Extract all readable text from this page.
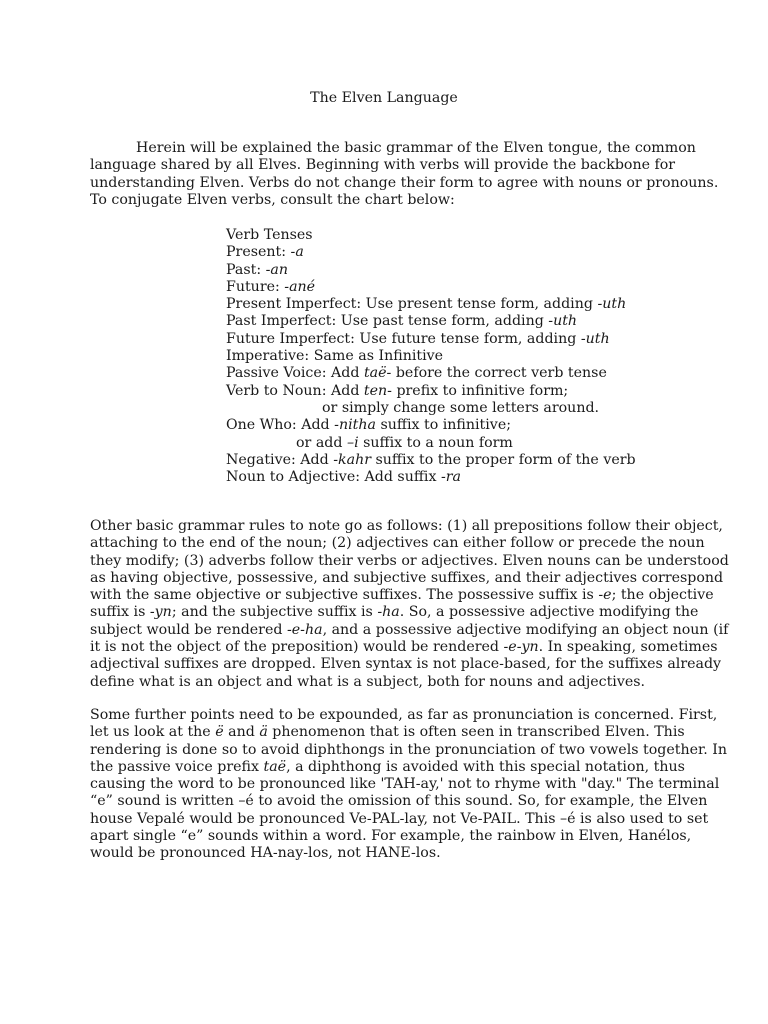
The Elven Language

Herein will be explained the basic grammar of the Elven tongue, the common language shared by all Elves. Beginning with verbs will provide the backbone for understanding Elven. Verbs do not change their form to agree with nouns or pronouns. To conjugate Elven verbs, consult the chart below:

Verb Tenses
Present: -a
Past: -an
Future: -ané
Present Imperfect: Use present tense form, adding -uth
Past Imperfect: Use past tense form, adding -uth
Future Imperfect: Use future tense form, adding -uth
Imperative: Same as Infinitive
Passive Voice: Add taë- before the correct verb tense
Verb to Noun: Add ten- prefix to infinitive form;
or simply change some letters around.
One Who: Add -nitha suffix to infinitive;
or add –i suffix to a noun form
Negative: Add -kahr suffix to the proper form of the verb
Noun to Adjective: Add suffix -ra

Other basic grammar rules to note go as follows: (1) all prepositions follow their object, attaching to the end of the noun; (2) adjectives can either follow or precede the noun they modify; (3) adverbs follow their verbs or adjectives. Elven nouns can be understood as having objective, possessive, and subjective suffixes, and their adjectives correspond with the same objective or subjective suffixes. The possessive suffix is -e; the objective suffix is -yn; and the subjective suffix is -ha. So, a possessive adjective modifying the subject would be rendered -e-ha, and a possessive adjective modifying an object noun (if it is not the object of the preposition) would be rendered -e-yn. In speaking, sometimes adjectival suffixes are dropped. Elven syntax is not place-based, for the suffixes already define what is an object and what is a subject, both for nouns and adjectives.

Some further points need to be expounded, as far as pronunciation is concerned. First, let us look at the ë and ä phenomenon that is often seen in transcribed Elven. This rendering is done so to avoid diphthongs in the pronunciation of two vowels together. In the passive voice prefix taë, a diphthong is avoided with this special notation, thus causing the word to be pronounced like 'TAH-ay,' not to rhyme with "day." The terminal “e” sound is written –é to avoid the omission of this sound. So, for example, the Elven house Vepalé would be pronounced Ve-PAL-lay, not Ve-PAIL. This –é is also used to set apart single “e” sounds within a word. For example, the rainbow in Elven, Hanélos, would be pronounced HA-nay-los, not HANE-los.
